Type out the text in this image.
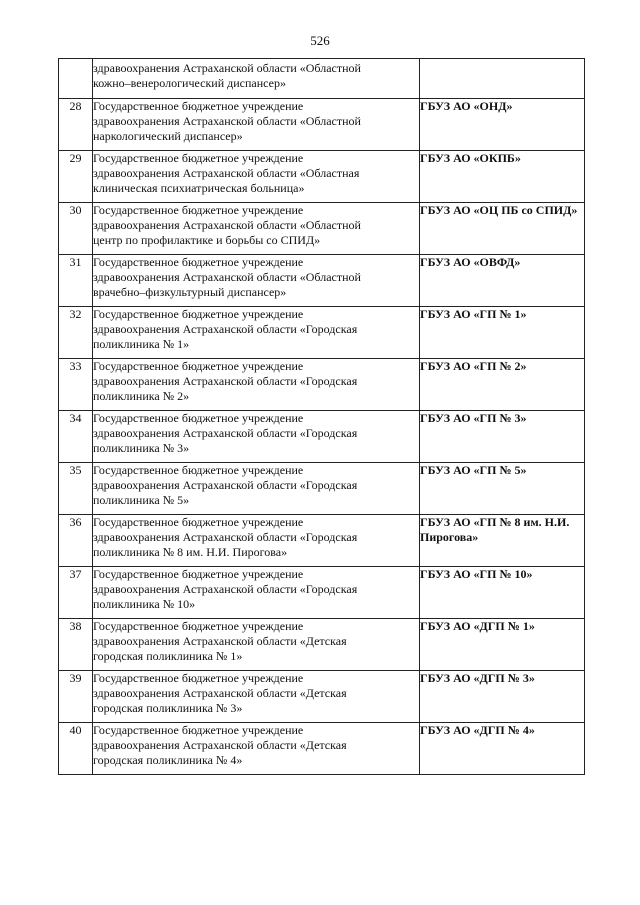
526

	здравоохранения Астраханской области «Областной
кожно–венерологический диспансер»	

28	Государственное бюджетное учреждение
здравоохранения Астраханской области «Областной
наркологический диспансер»	ГБУЗ АО «ОНД»

29	Государственное бюджетное учреждение
здравоохранения Астраханской области «Областная
клиническая психиатрическая больница»	ГБУЗ АО «ОКПБ»

30	Государственное бюджетное учреждение
здравоохранения Астраханской области «Областной
центр по профилактике и борьбы со СПИД»	ГБУЗ АО «ОЦ ПБ со СПИД»

31	Государственное бюджетное учреждение
здравоохранения Астраханской области «Областной
врачебно–физкультурный диспансер»	ГБУЗ АО «ОВФД»

32	Государственное бюджетное учреждение
здравоохранения Астраханской области «Городская
поликлиника № 1»	ГБУЗ АО «ГП № 1»

33	Государственное бюджетное учреждение
здравоохранения Астраханской области «Городская
поликлиника № 2»	ГБУЗ АО «ГП № 2»

34	Государственное бюджетное учреждение
здравоохранения Астраханской области «Городская
поликлиника № 3»	ГБУЗ АО «ГП № 3»

35	Государственное бюджетное учреждение
здравоохранения Астраханской области «Городская
поликлиника № 5»	ГБУЗ АО «ГП № 5»

36	Государственное бюджетное учреждение
здравоохранения Астраханской области «Городская
поликлиника № 8 им. Н.И. Пирогова»	ГБУЗ АО «ГП № 8 им. Н.И.
Пирогова»

37	Государственное бюджетное учреждение
здравоохранения Астраханской области «Городская
поликлиника № 10»	ГБУЗ АО «ГП № 10»

38	Государственное бюджетное учреждение
здравоохранения Астраханской области «Детская
городская поликлиника № 1»	ГБУЗ АО «ДГП № 1»

39	Государственное бюджетное учреждение
здравоохранения Астраханской области «Детская
городская поликлиника № 3»	ГБУЗ АО «ДГП № 3»

40	Государственное бюджетное учреждение
здравоохранения Астраханской области «Детская
городская поликлиника № 4»	ГБУЗ АО «ДГП № 4»
